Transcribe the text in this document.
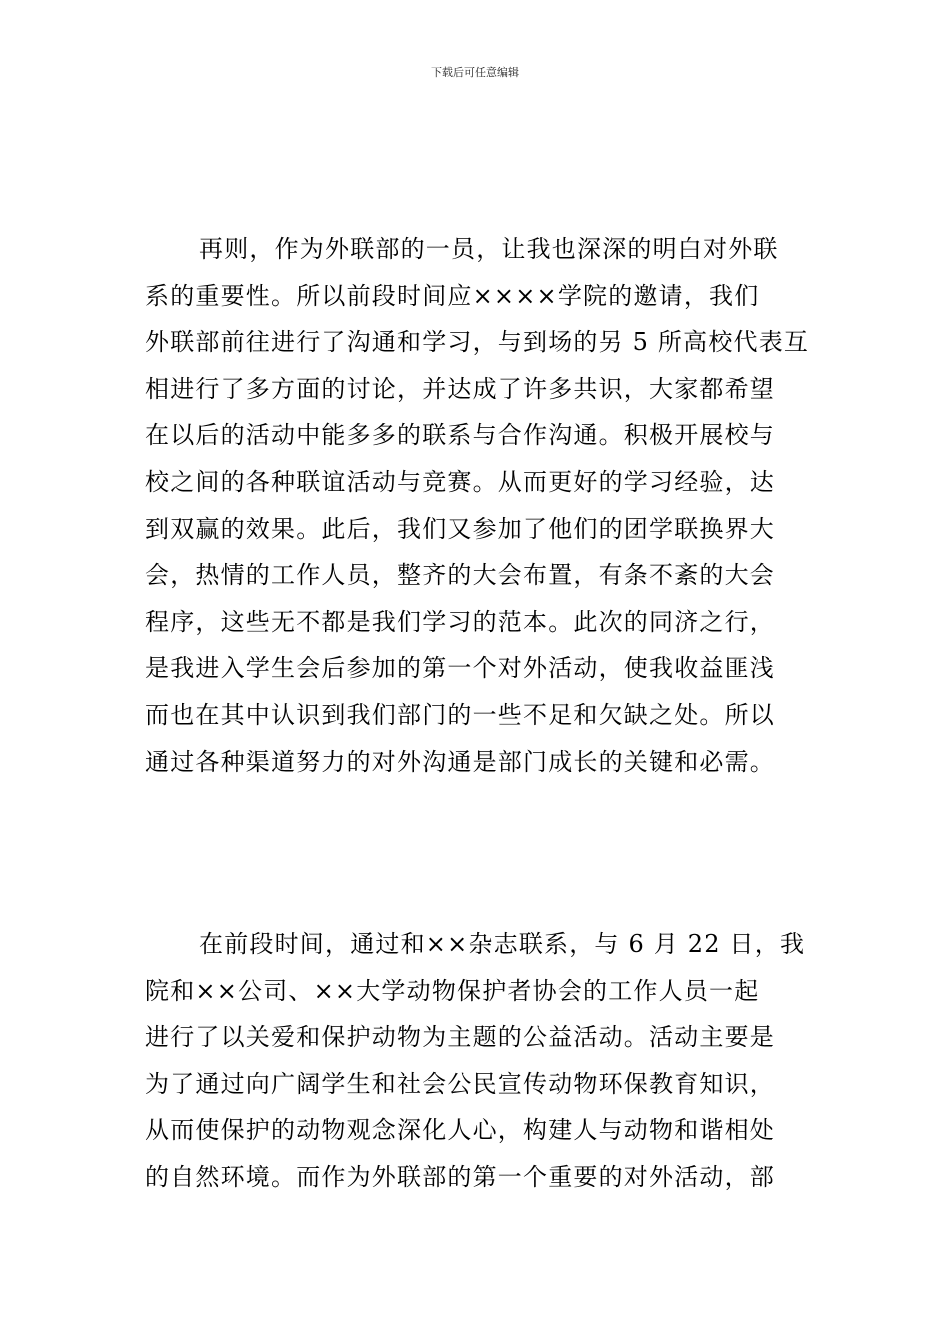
下载后可任意编辑
再则，作为外联部的一员，让我也深深的明白对外联
系的重要性。所以前段时间应××××学院的邀请，我们
外联部前往进行了沟通和学习，与到场的另 5 所高校代表互
相进行了多方面的讨论，并达成了许多共识，大家都希望
在以后的活动中能多多的联系与合作沟通。积极开展校与
校之间的各种联谊活动与竞赛。从而更好的学习经验，达
到双赢的效果。此后，我们又参加了他们的团学联换界大
会，热情的工作人员，整齐的大会布置，有条不紊的大会
程序，这些无不都是我们学习的范本。此次的同济之行，
是我进入学生会后参加的第一个对外活动，使我收益匪浅
而也在其中认识到我们部门的一些不足和欠缺之处。所以
通过各种渠道努力的对外沟通是部门成长的关键和必需。
在前段时间，通过和××杂志联系，与 6 月 22 日，我
院和××公司、××大学动物保护者协会的工作人员一起
进行了以关爱和保护动物为主题的公益活动。活动主要是
为了通过向广阔学生和社会公民宣传动物环保教育知识，
从而使保护的动物观念深化人心，构建人与动物和谐相处
的自然环境。而作为外联部的第一个重要的对外活动，部
